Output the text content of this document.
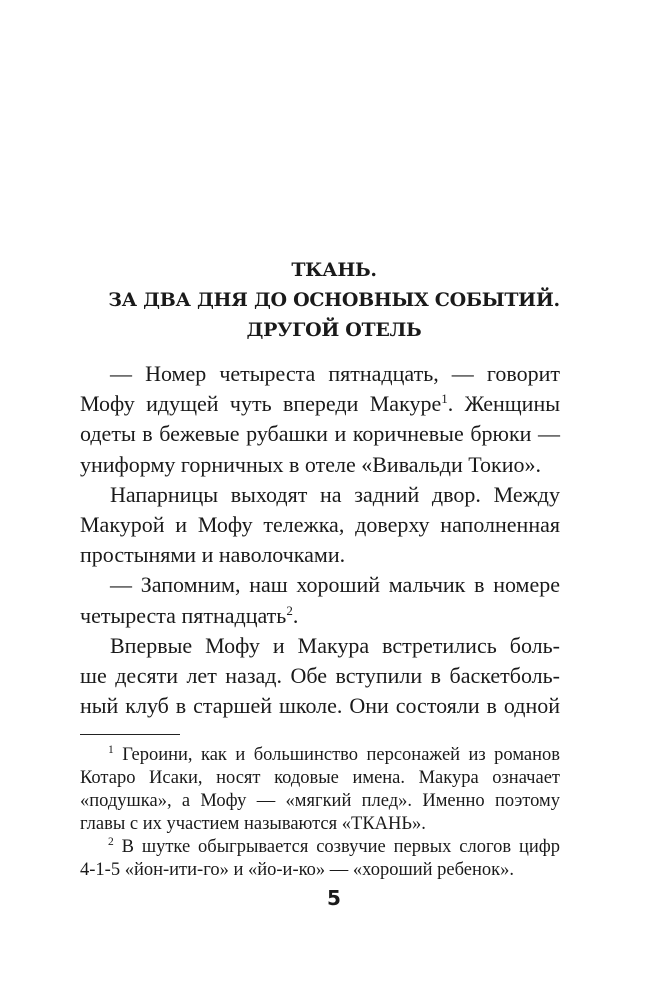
ТКАНЬ.
ЗА ДВА ДНЯ ДО ОСНОВНЫХ СОБЫТИЙ.
ДРУГОЙ ОТЕЛЬ
— Номер четыреста пятнадцать, — говорит
Мофу идущей чуть впереди Макуре$^1$. Женщины
одеты в бежевые рубашки и коричневые брюки —
униформу горничных в отеле «Вивальди Токио».
Напарницы выходят на задний двор. Между
Макурой и Мофу тележка, доверху наполненная
простынями и наволочками.
— Запомним, наш хороший мальчик в номере
четыреста пятнадцать$^2$.
Впервые Мофу и Макура встретились боль-
ше десяти лет назад. Обе вступили в баскетболь-
ный клуб в старшей школе. Они состояли в одной
$^1$ Героини, как и большинство персонажей из романов
Котаро Исаки, носят кодовые имена. Макура означает
«подушка», а Мофу — «мягкий плед». Именно поэтому
главы с их участием называются «ТКАНЬ».
$^2$ В шутке обыгрывается созвучие первых слогов цифр
4-1-5 «йон-ити-го» и «йо-и-ко» — «хороший ребенок».
5
